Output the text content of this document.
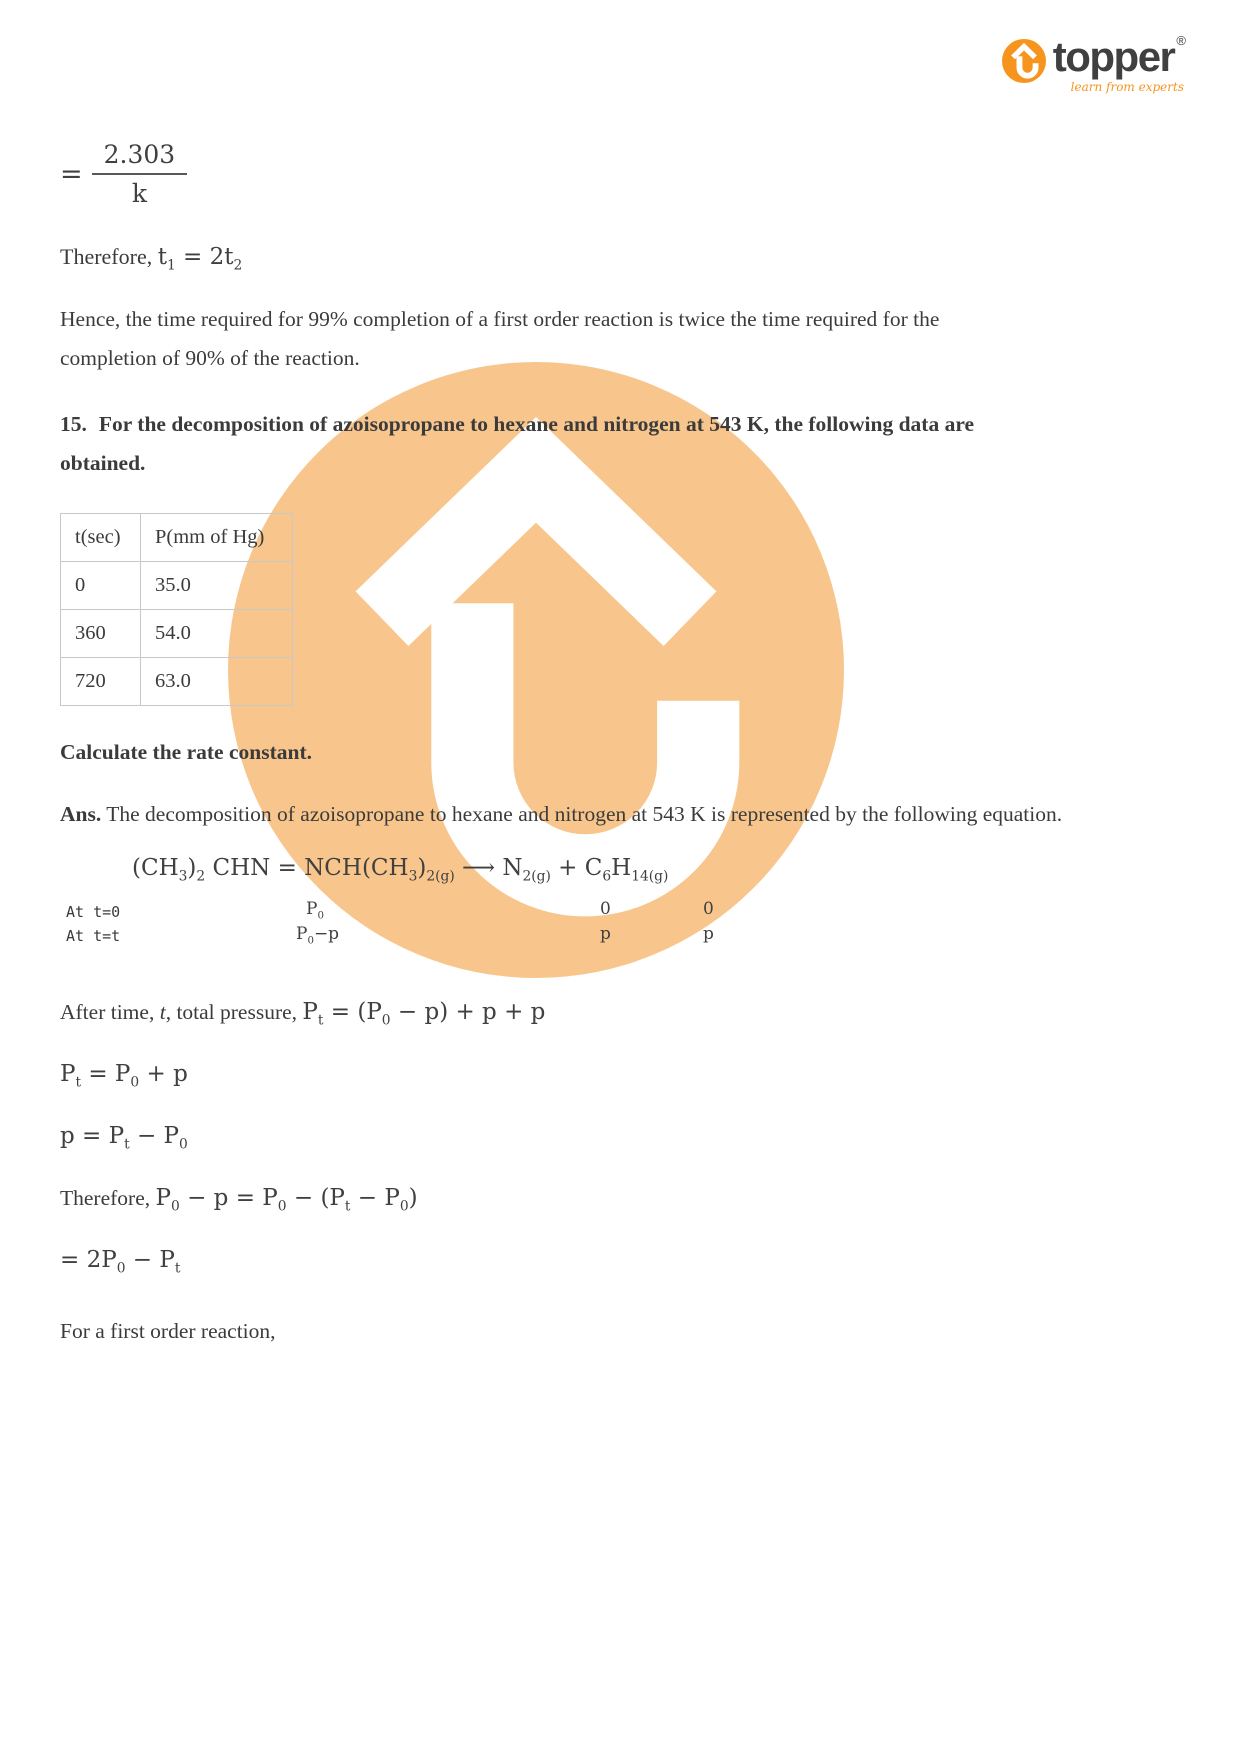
topper ®
learn from experts
= $\frac{2.303}{k}$

Therefore, $t_1 = 2t_2$

Hence, the time required for 99% completion of a first order reaction is twice the time required for the completion of 90% of the reaction.

15. For the decomposition of azoisopropane to hexane and nitrogen at 543 K, the following data are obtained.

t(sec)	P(mm of Hg)
0	35.0
360	54.0
720	63.0

Calculate the rate constant.

Ans. The decomposition of azoisopropane to hexane and nitrogen at 543 K is represented by the following equation.

$(CH_3)_2$ CHN = $NCH(CH_3)_{2(g)}$ ⟶ $N_{2(g)} + C_6H_{14(g)}$
At t=0	$P_0$	0	0
At t=t	$P_0-p$	p	p

After time, t, total pressure, $P_t = (P_0 - p) + p + p$

$P_t = P_0 + p$

$p = P_t - P_0$

Therefore, $P_0 - p = P_0 - (P_t - P_0)$

= $2P_0 - P_t$

For a first order reaction,
